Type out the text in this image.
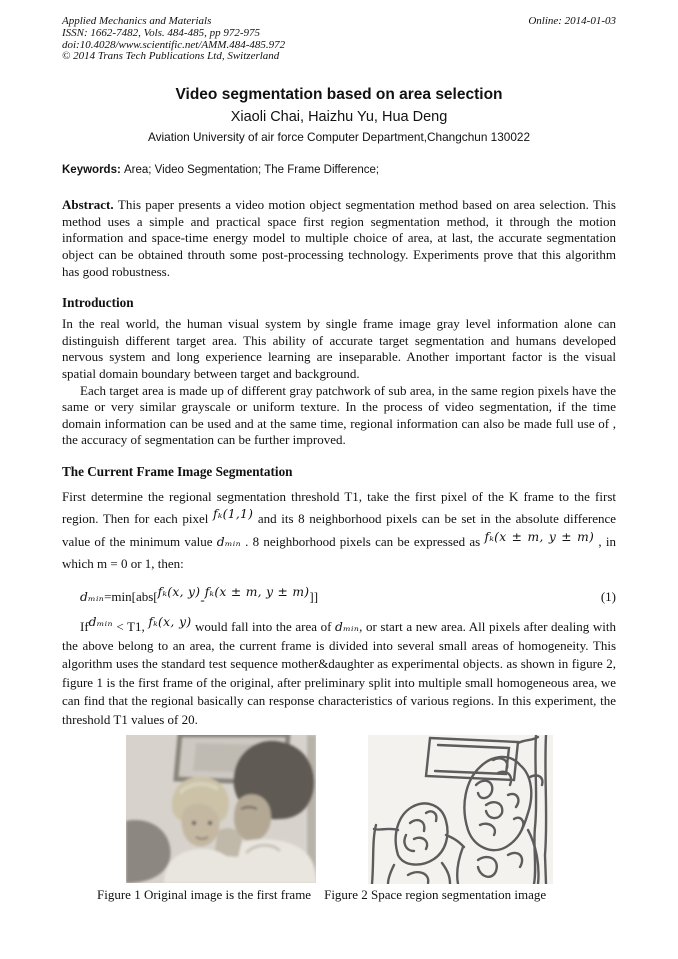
Applied Mechanics and Materials
ISSN: 1662-7482, Vols. 484-485, pp 972-975
doi:10.4028/www.scientific.net/AMM.484-485.972
© 2014 Trans Tech Publications Ltd, Switzerland
Online: 2014-01-03
Video segmentation based on area selection
Xiaoli Chai, Haizhu Yu, Hua Deng
Aviation University of air force Computer Department,Changchun 130022
Keywords: Area; Video Segmentation; The Frame Difference;
Abstract. This paper presents a video motion object segmentation method based on area selection. This method uses a simple and practical space first region segmentation method, it through the motion information and space-time energy model to multiple choice of area, at last, the accurate segmentation object can be obtained throuth some post-processing technology. Experiments prove that this algorithm has good robustness.
Introduction
In the real world, the human visual system by single frame image gray level information alone can distinguish different target area. This ability of accurate target segmentation and humans developed nervous system and long experience learning are inseparable. Another important factor is the visual spatial domain boundary between target and background.
Each target area is made up of different gray patchwork of sub area, in the same region pixels have the same or very similar grayscale or uniform texture. In the process of video segmentation, if the time domain information can be used and at the same time, regional information can also be made full use of , the accuracy of segmentation can be further improved.
The Current Frame Image Segmentation
First determine the regional segmentation threshold T1, take the first pixel of the K frame to the first region. Then for each pixel fₖ(1,1) and its 8 neighborhood pixels can be set in the absolute difference value of the minimum value dₘᵢₙ . 8 neighborhood pixels can be expressed as fₖ(x ± m, y ± m) , in which m = 0 or 1, then:
dₘᵢₙ=min[abs[fₖ(x, y)-fₖ(x ± m, y ± m)]]	(1)
Ifdₘᵢₙ < T1, fₖ(x, y) would fall into the area of dₘᵢₙ, or start a new area. All pixels after dealing with the above belong to an area, the current frame is divided into several small areas of homogeneity. This algorithm uses the standard test sequence mother&daughter as experimental objects. as shown in figure 2, figure 1 is the first frame of the original, after preliminary split into multiple small homogeneous area, we can find that the regional basically can response characteristics of various regions. In this experiment, the threshold T1 values of 20.
Figure 1 Original image is the first frame Figure 2 Space region segmentation image
